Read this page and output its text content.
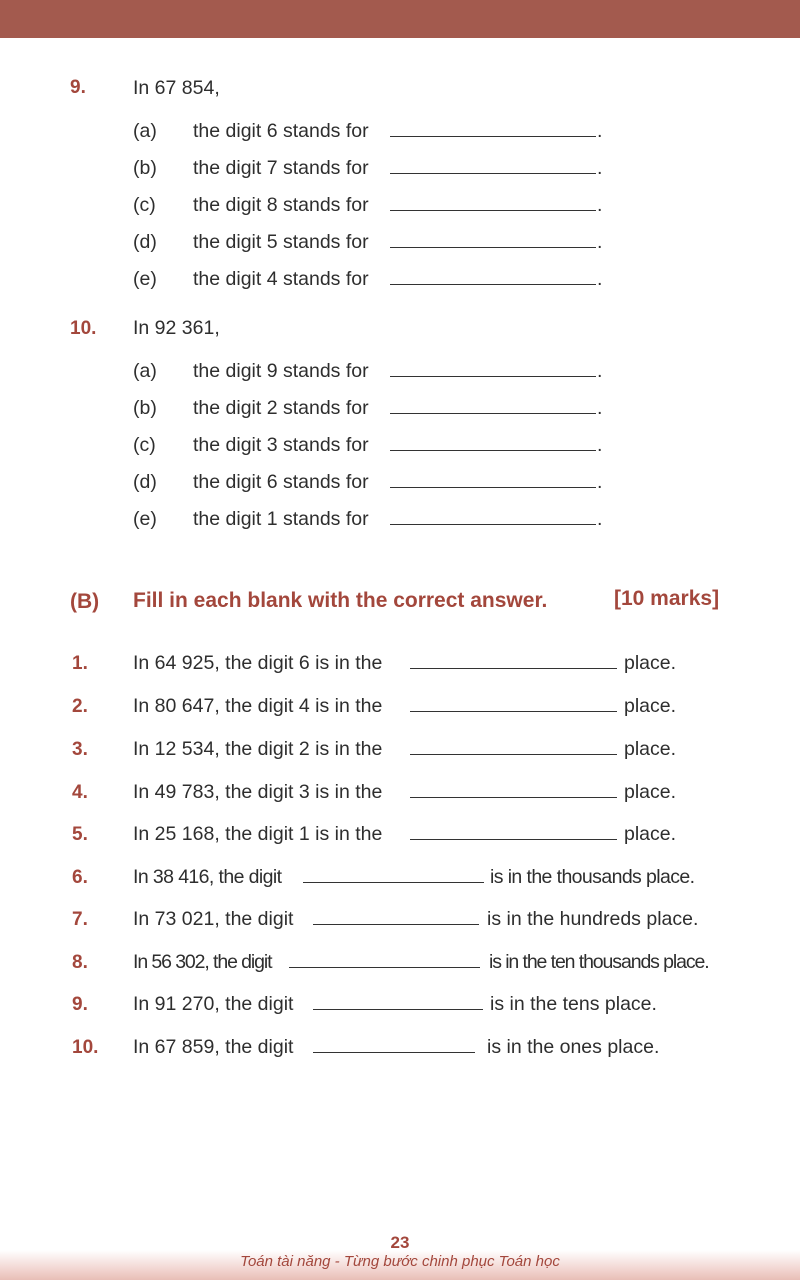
9. In 67 854,
(a) the digit 6 stands for	.
(b) the digit 7 stands for	.
(c) the digit 8 stands for	.
(d) the digit 5 stands for	.
(e) the digit 4 stands for	.
10. In 92 361,
(a) the digit 9 stands for	.
(b) the digit 2 stands for	.
(c) the digit 3 stands for	.
(d) the digit 6 stands for	.
(e) the digit 1 stands for	.
(B) Fill in each blank with the correct answer.	[10 marks]
1. In 64 925, the digit 6 is in the	place.
2. In 80 647, the digit 4 is in the	place.
3. In 12 534, the digit 2 is in the	place.
4. In 49 783, the digit 3 is in the	place.
5. In 25 168, the digit 1 is in the	place.
6. In 38 416, the digit	is in the thousands place.
7. In 73 021, the digit	is in the hundreds place.
8. In 56 302, the digit	is in the ten thousands place.
9. In 91 270, the digit	is in the tens place.
10. In 67 859, the digit	is in the ones place.
23
Toán tài năng - Từng bước chinh phục Toán học
